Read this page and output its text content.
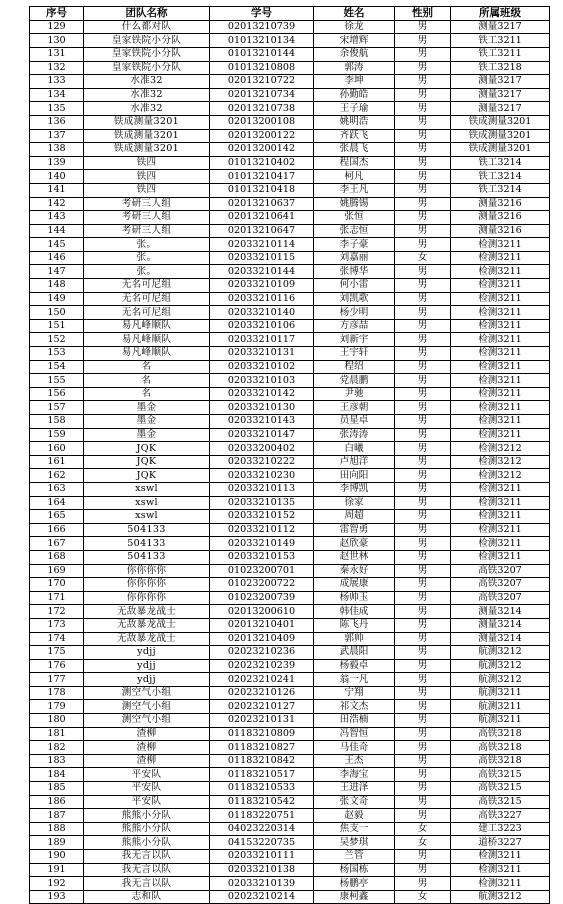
序号	团队名称	学号	姓名	性别	所属班级
129	什么都对队	02013210739	徐龙	男	测量3217
130	皇家铁院小分队	01013210134	宋增辉	男	铁工3211
131	皇家铁院小分队	01013210144	余俊航	男	铁工3211
132	皇家铁院小分队	01013210808	郭涛	男	铁工3218
133	水准32	02013210722	李坤	男	测量3217
134	水准32	02013210734	孙勤皓	男	测量3217
135	水准32	02013210738	王子瑜	男	测量3217
136	铁成测量3201	02013200108	姚明浩	男	铁成测量3201
137	铁成测量3201	02013200122	齐跃飞	男	铁成测量3201
138	铁成测量3201	02013200142	张晨飞	男	铁成测量3201
139	铁四	01013210402	程国杰	男	铁工3214
140	铁四	01013210417	柯凡	男	铁工3214
141	铁四	01013210418	李王凡	男	铁工3214
142	考研三人组	02013210637	姚腾锡	男	测量3216
143	考研三人组	02013210641	张恒	男	测量3216
144	考研三人组	02013210647	张志恒	男	测量3216
145	张。	02033210114	李子豪	男	检测3211
146	张。	02033210115	刘嘉丽	女	检测3211
147	张。	02033210144	张博华	男	检测3211
148	无名可尼组	02033210109	何小雷	男	检测3211
149	无名可尼组	02033210116	刘凯歌	男	检测3211
150	无名可尼组	02033210140	杨少明	男	检测3211
151	易凡峰顺队	02033210106	方彦喆	男	检测3211
152	易凡峰顺队	02033210117	刘新宇	男	检测3211
153	易凡峰顺队	02033210131	王宇轩	男	检测3211
154	名	02033210102	程绍	男	检测3211
155	名	02033210103	党晨鹏	男	检测3211
156	名	02033210142	尹驰	男	检测3211
157	墨金	02033210130	王彦朝	男	检测3211
158	墨金	02033210143	员星卓	男	检测3211
159	墨金	02033210147	张涛涛	男	检测3211
160	JQK	02033200402	白曦	男	检测3212
161	JQK	02033210222	卢旭洋	男	检测3212
162	JQK	02033210230	田向阳	男	检测3212
163	xswl	02033210113	李博凯	男	检测3211
164	xswl	02033210135	徐家	男	检测3211
165	xswl	02033210152	周超	男	检测3211
166	504133	02033210112	雷智勇	男	检测3211
167	504133	02033210149	赵欣豪	男	检测3211
168	504133	02033210153	赵世林	男	检测3211
169	你你你你	01023200701	秦永好	男	高铁3207
170	你你你你	01023200722	成展康	男	高铁3207
171	你你你你	01023200739	杨帅玉	男	高铁3207
172	无敌暴龙战士	02013200610	韩佳成	男	测量3214
173	无敌暴龙战士	02013210401	陈飞丹	男	测量3214
174	无敌暴龙战士	02013210409	郭帅	男	测量3214
175	ydjj	02023210236	武晨阳	男	航测3212
176	ydjj	02023210239	杨毅卓	男	航测3212
177	ydjj	02023210241	翁一凡	男	航测3212
178	测空气小组	02023210126	宁翔	男	航测3211
179	测空气小组	02023210127	祁文杰	男	航测3211
180	测空气小组	02023210131	田浩楠	男	航测3211
181	渣柳	01183210809	冯智恒	男	高铁3218
182	渣柳	01183210827	马佳奇	男	高铁3218
183	渣柳	01183210842	王杰	男	高铁3218
184	平安队	01183210517	李海宝	男	高铁3215
185	平安队	01183210533	王进泽	男	高铁3215
186	平安队	01183210542	张文奇	男	高铁3215
187	熊熊小分队	01183220751	赵毅	男	高铁3227
188	熊熊小分队	04023220314	焦支一	女	建工3223
189	熊熊小分队	04153220735	吴梦琪	女	道桥3227
190	我无言以队	02033210111	兰管	男	检测3211
191	我无言以队	02033210138	杨国栋	男	检测3211
192	我无言以队	02033210139	杨鹏亭	男	检测3211
193	志和队	02023210214	康柯鑫	女	航测3212
